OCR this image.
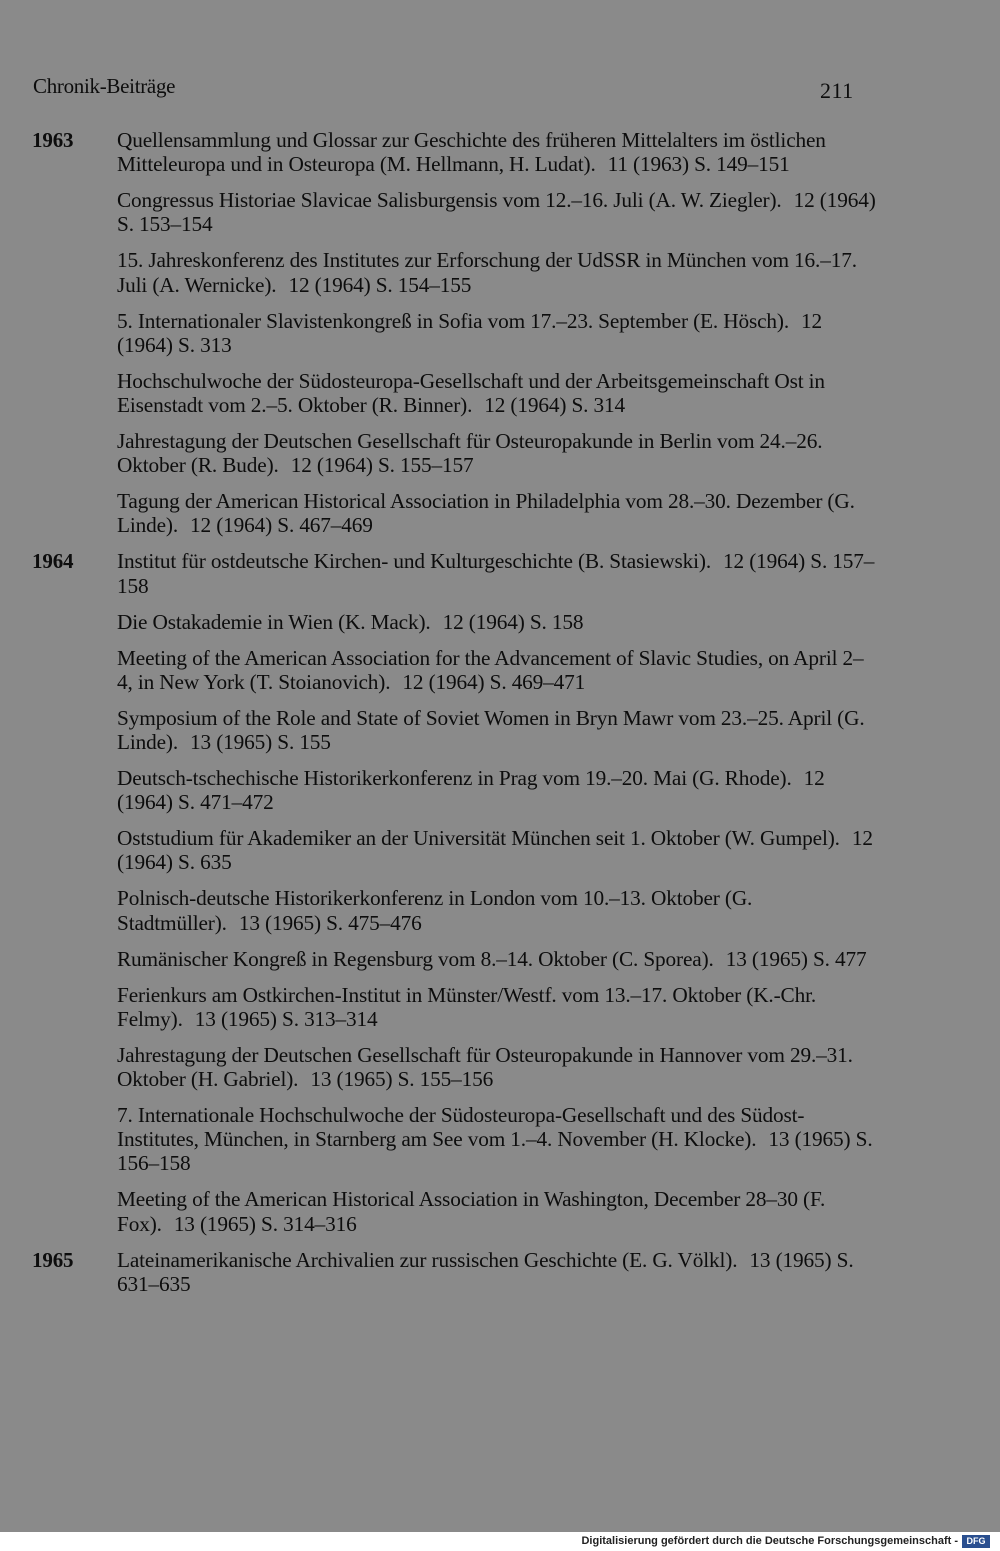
Chronik-Beiträge	211
1963 Quellensammlung und Glossar zur Geschichte des früheren Mittelalters im östlichen Mitteleuropa und in Osteuropa (M. Hellmann, H. Ludat). 11 (1963) S. 149–151
Congressus Historiae Slavicae Salisburgensis vom 12.–16. Juli (A. W. Ziegler). 12 (1964) S. 153–154
15. Jahreskonferenz des Institutes zur Erforschung der UdSSR in München vom 16.–17. Juli (A. Wernicke). 12 (1964) S. 154–155
5. Internationaler Slavistenkongreß in Sofia vom 17.–23. September (E. Hösch). 12 (1964) S. 313
Hochschulwoche der Südosteuropa-Gesellschaft und der Arbeitsgemeinschaft Ost in Eisenstadt vom 2.–5. Oktober (R. Binner). 12 (1964) S. 314
Jahrestagung der Deutschen Gesellschaft für Osteuropakunde in Berlin vom 24.–26. Oktober (R. Bude). 12 (1964) S. 155–157
Tagung der American Historical Association in Philadelphia vom 28.–30. Dezember (G. Linde). 12 (1964) S. 467–469
1964 Institut für ostdeutsche Kirchen- und Kulturgeschichte (B. Stasiewski). 12 (1964) S. 157–158
Die Ostakademie in Wien (K. Mack). 12 (1964) S. 158
Meeting of the American Association for the Advancement of Slavic Studies, on April 2–4, in New York (T. Stoianovich). 12 (1964) S. 469–471
Symposium of the Role and State of Soviet Women in Bryn Mawr vom 23.–25. April (G. Linde). 13 (1965) S. 155
Deutsch-tschechische Historikerkonferenz in Prag vom 19.–20. Mai (G. Rhode). 12 (1964) S. 471–472
Oststudium für Akademiker an der Universität München seit 1. Oktober (W. Gumpel). 12 (1964) S. 635
Polnisch-deutsche Historikerkonferenz in London vom 10.–13. Oktober (G. Stadtmüller). 13 (1965) S. 475–476
Rumänischer Kongreß in Regensburg vom 8.–14. Oktober (C. Sporea). 13 (1965) S. 477
Ferienkurs am Ostkirchen-Institut in Münster/Westf. vom 13.–17. Oktober (K.-Chr. Felmy). 13 (1965) S. 313–314
Jahrestagung der Deutschen Gesellschaft für Osteuropakunde in Hannover vom 29.–31. Oktober (H. Gabriel). 13 (1965) S. 155–156
7. Internationale Hochschulwoche der Südosteuropa-Gesellschaft und des Südost-Institutes, München, in Starnberg am See vom 1.–4. November (H. Klocke). 13 (1965) S. 156–158
Meeting of the American Historical Association in Washington, December 28–30 (F. Fox). 13 (1965) S. 314–316
1965 Lateinamerikanische Archivalien zur russischen Geschichte (E. G. Völkl). 13 (1965) S. 631–635
Digitalisierung gefördert durch die Deutsche Forschungsgemeinschaft - DFG
